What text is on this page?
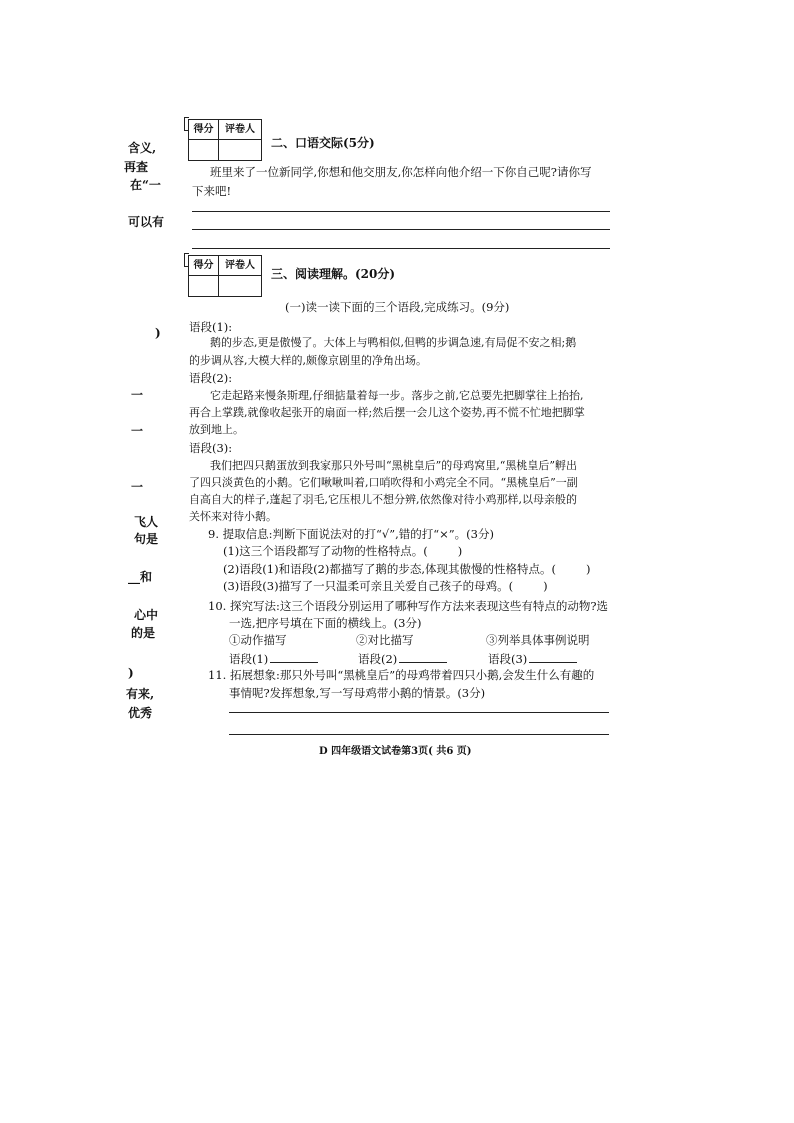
含义,
再查
在“一
可以有
)
一
一
一
飞人
句是
__和
心中
的是
)
有来,
优秀
得分	评卷人
二、口语交际(5分)
班里来了一位新同学,你想和他交朋友,你怎样向他介绍一下你自己呢?请你写
下来吧!
得分	评卷人
三、阅读理解。(20分)
(一)读一读下面的三个语段,完成练习。(9分)
语段(1):
鹅的步态,更是傲慢了。大体上与鸭相似,但鸭的步调急速,有局促不安之相;鹅
的步调从容,大模大样的,颇像京剧里的净角出场。
语段(2):
它走起路来慢条斯理,仔细掂量着每一步。落步之前,它总要先把脚掌往上抬抬,
再合上掌蹼,就像收起张开的扇面一样;然后摆一会儿这个姿势,再不慌不忙地把脚掌
放到地上。
语段(3):
我们把四只鹅蛋放到我家那只外号叫“黑桃皇后”的母鸡窝里,“黑桃皇后”孵出
了四只淡黄色的小鹅。它们啾啾叫着,口哨吹得和小鸡完全不同。“黑桃皇后”一副
自高自大的样子,蓬起了羽毛,它压根儿不想分辨,依然像对待小鸡那样,以母亲般的
关怀来对待小鹅。
9. 提取信息:判断下面说法对的打“√”,错的打“×”。(3分)
(1)这三个语段都写了动物的性格特点。(	)
(2)语段(1)和语段(2)都描写了鹅的步态,体现其傲慢的性格特点。(	)
(3)语段(3)描写了一只温柔可亲且关爱自己孩子的母鸡。(	)
10. 探究写法:这三个语段分别运用了哪种写作方法来表现这些有特点的动物?选
一选,把序号填在下面的横线上。(3分)
①动作描写	②对比描写	③列举具体事例说明
语段(1)	语段(2)	语段(3)
11. 拓展想象:那只外号叫“黑桃皇后”的母鸡带着四只小鹅,会发生什么有趣的
事情呢?发挥想象,写一写母鸡带小鹅的情景。(3分)
D 四年级语文试卷第3页( 共6 页)
